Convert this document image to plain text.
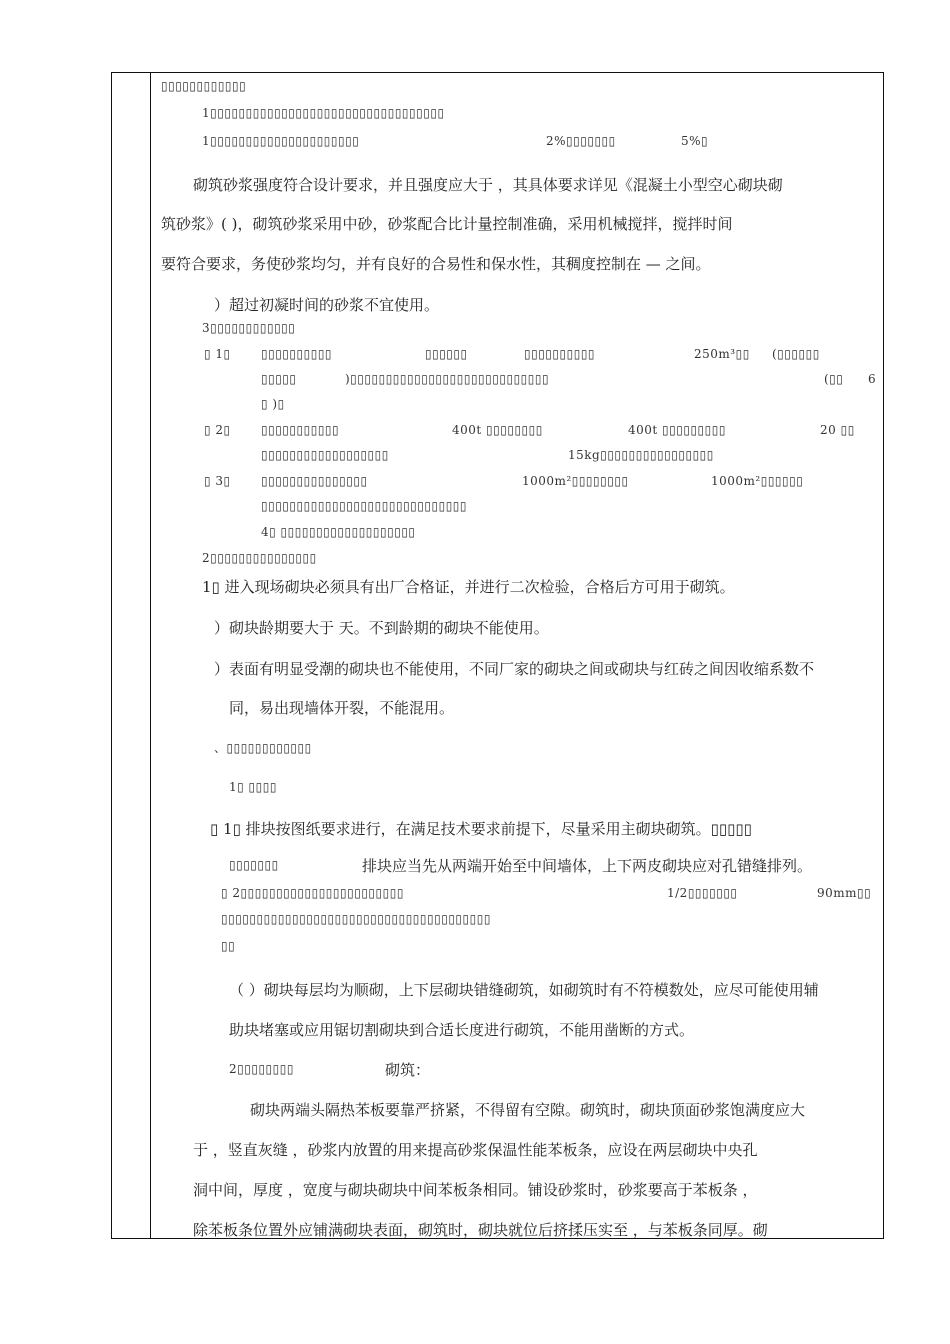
▯▯▯▯▯▯▯▯▯▯▯▯
1▯▯▯▯▯▯▯▯▯▯▯▯▯▯▯▯▯▯▯▯▯▯▯▯▯▯▯▯▯▯▯▯▯
1▯▯▯▯▯▯▯▯▯▯▯▯▯▯▯▯▯▯▯▯▯	2%▯▯▯▯▯▯▯	5%▯
砌筑砂浆强度符合设计要求，并且强度应大于 ，其具体要求详见《混凝土小型空心砌块砌
筑砂浆》( )，砌筑砂浆采用中砂，砂浆配合比计量控制准确，采用机械搅拌，搅拌时间
要符合要求，务使砂浆均匀，并有良好的合易性和保水性，其稠度控制在 — 之间。
）超过初凝时间的砂浆不宜使用。
3▯▯▯▯▯▯▯▯▯▯▯▯
▯ 1▯	▯▯▯▯▯▯▯▯▯▯	▯▯▯▯▯▯	▯▯▯▯▯▯▯▯▯▯	250m³▯▯ (▯▯▯▯▯▯
▯▯▯▯▯	)▯▯▯▯▯▯▯▯▯▯▯▯▯▯▯▯▯▯▯▯▯▯▯▯▯▯▯▯	(▯▯ 6
▯ )▯
▯ 2▯	▯▯▯▯▯▯▯▯▯▯▯	400t ▯▯▯▯▯▯▯▯	400t ▯▯▯▯▯▯▯▯▯	20 ▯▯
▯▯▯▯▯▯▯▯▯▯▯▯▯▯▯▯▯▯	15kg▯▯▯▯▯▯▯▯▯▯▯▯▯▯▯▯
▯ 3▯	▯▯▯▯▯▯▯▯▯▯▯▯▯▯▯	1000m²▯▯▯▯▯▯▯▯	1000m²▯▯▯▯▯▯
▯▯▯▯▯▯▯▯▯▯▯▯▯▯▯▯▯▯▯▯▯▯▯▯▯▯▯▯▯
4▯ ▯▯▯▯▯▯▯▯▯▯▯▯▯▯▯▯▯▯▯
2▯▯▯▯▯▯▯▯▯▯▯▯▯▯▯
1▯ 进入现场砌块必须具有出厂合格证，并进行二次检验，合格后方可用于砌筑。
）砌块龄期要大于 天。不到龄期的砌块不能使用。
）表面有明显受潮的砌块也不能使用，不同厂家的砌块之间或砌块与红砖之间因收缩系数不
同，易出现墙体开裂，不能混用。
、▯▯▯▯▯▯▯▯▯▯▯▯
1▯ ▯▯▯▯
▯ 1▯ 排块按图纸要求进行，在满足技术要求前提下，尽量采用主砌块砌筑。▯▯▯▯▯
▯▯▯▯▯▯▯	排块应当先从两端开始至中间墙体，上下两皮砌块应对孔错缝排列。
▯ 2▯▯▯▯▯▯▯▯▯▯▯▯▯▯▯▯▯▯▯▯▯▯▯	1/2▯▯▯▯▯▯▯	90mm▯▯
▯▯▯▯▯▯▯▯▯▯▯▯▯▯▯▯▯▯▯▯▯▯▯▯▯▯▯▯▯▯▯▯▯▯▯▯▯▯
▯▯
（ ）砌块每层均为顺砌，上下层砌块错缝砌筑，如砌筑时有不符模数处，应尽可能使用辅
助块堵塞或应用锯切割砌块到合适长度进行砌筑，不能用凿断的方式。
2▯▯▯▯▯▯▯▯	砌筑：
砌块两端头隔热苯板要靠严挤紧，不得留有空隙。砌筑时，砌块顶面砂浆饱满度应大
于 ，竖直灰缝 ，砂浆内放置的用来提高砂浆保温性能苯板条，应设在两层砌块中央孔
洞中间，厚度 ，宽度与砌块砌块中间苯板条相同。铺设砂浆时，砂浆要高于苯板条 ，
除苯板条位置外应铺满砌块表面，砌筑时，砌块就位后挤揉压实至 ，与苯板条同厚。砌
